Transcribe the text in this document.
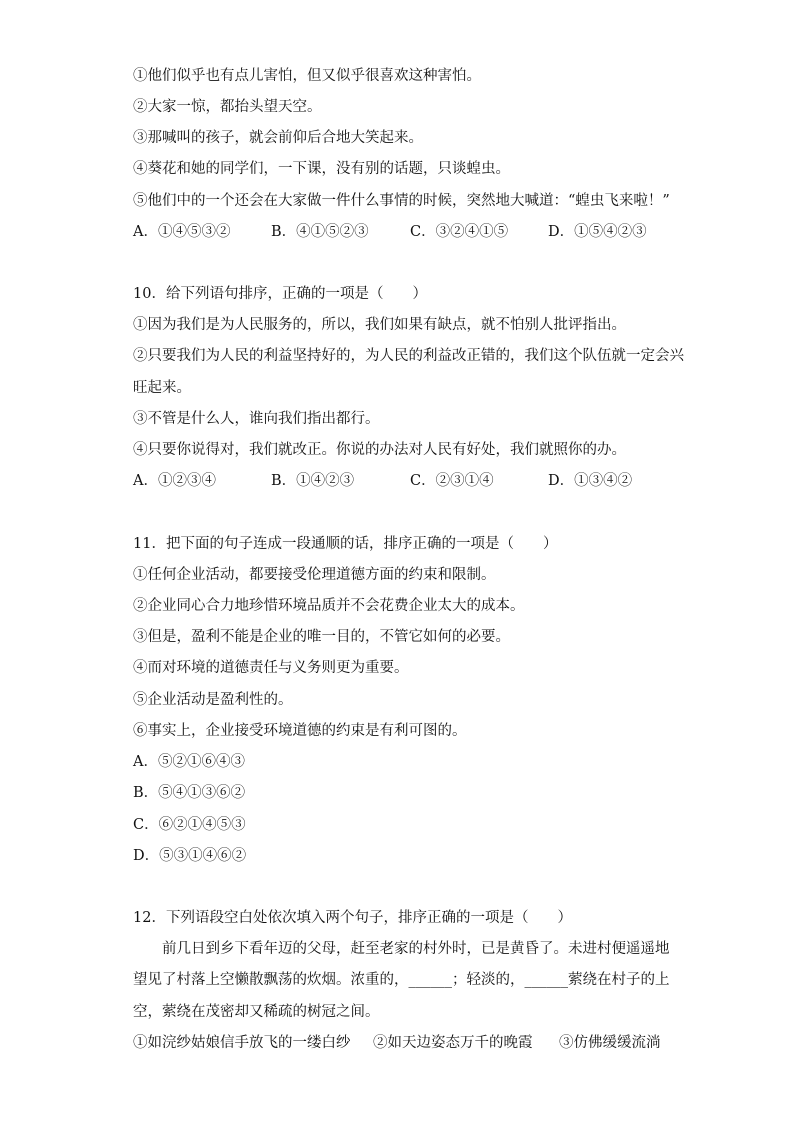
①他们似乎也有点儿害怕，但又似乎很喜欢这种害怕。
②大家一惊，都抬头望天空。
③那喊叫的孩子，就会前仰后合地大笑起来。
④葵花和她的同学们，一下课，没有别的话题，只谈蝗虫。
⑤他们中的一个还会在大家做一件什么事情的时候，突然地大喊道：“蝗虫飞来啦！”
A．①④⑤③②	B．④①⑤②③	C．③②④①⑤	D．①⑤④②③
10．给下列语句排序，正确的一项是（　　）
①因为我们是为人民服务的，所以，我们如果有缺点，就不怕别人批评指出。
②只要我们为人民的利益坚持好的，为人民的利益改正错的，我们这个队伍就一定会兴
旺起来。
③不管是什么人，谁向我们指出都行。
④只要你说得对，我们就改正。你说的办法对人民有好处，我们就照你的办。
A．①②③④	B．①④②③	C．②③①④	D．①③④②
11．把下面的句子连成一段通顺的话，排序正确的一项是（　　）
①任何企业活动，都要接受伦理道德方面的约束和限制。
②企业同心合力地珍惜环境品质并不会花费企业太大的成本。
③但是，盈利不能是企业的唯一目的，不管它如何的必要。
④而对环境的道德责任与义务则更为重要。
⑤企业活动是盈利性的。
⑥事实上，企业接受环境道德的约束是有利可图的。
A．⑤②①⑥④③
B．⑤④①③⑥②
C．⑥②①④⑤③
D．⑤③①④⑥②
12．下列语段空白处依次填入两个句子，排序正确的一项是（　　）
前几日到乡下看年迈的父母，赶至老家的村外时，已是黄昏了。未进村便遥遥地
望见了村落上空懒散飘荡的炊烟。浓重的，______；轻淡的，______萦绕在村子的上
空，萦绕在茂密却又稀疏的树冠之间。
①如浣纱姑娘信手放飞的一缕白纱 ②如天边姿态万千的晚霞 ③仿佛缓缓流淌
